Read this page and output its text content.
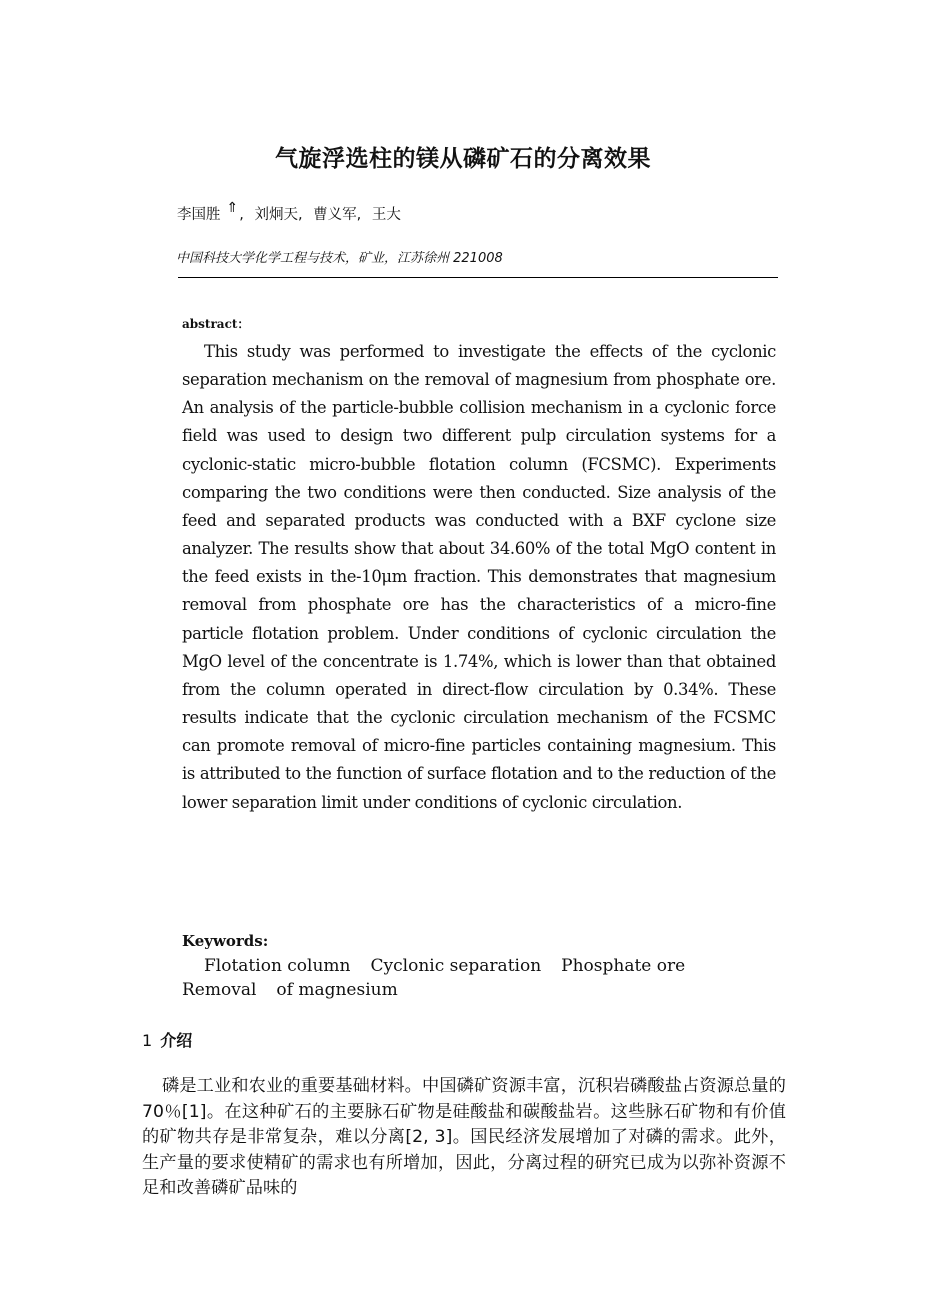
气旋浮选柱的镁从磷矿石的分离效果
李国胜 ⇑, 刘炯天, 曹义军, 王大
中国科技大学化学工程与技术，矿业，江苏徐州 221008
abstract：

This study was performed to investigate the effects of the cyclonic separation mechanism on the removal of magnesium from phosphate ore. An analysis of the particle-bubble collision mechanism in a cyclonic force field was used to design two different pulp circulation systems for a cyclonic-static micro-bubble flotation column (FCSMC). Experiments comparing the two conditions were then conducted. Size analysis of the feed and separated products was conducted with a BXF cyclone size analyzer. The results show that about 34.60% of the total MgO content in the feed exists in the-10μm fraction. This demonstrates that magnesium removal from phosphate ore has the characteristics of a micro-fine particle flotation problem. Under conditions of cyclonic circulation the MgO level of the concentrate is 1.74%, which is lower than that obtained from the column operated in direct-flow circulation by 0.34%. These results indicate that the cyclonic circulation mechanism of the FCSMC can promote removal of micro-fine particles containing magnesium. This is attributed to the function of surface flotation and to the reduction of the lower separation limit under conditions of cyclonic circulation.

Keywords:
Flotation column Cyclonic separation Phosphate ore
Removal of magnesium
1 介绍

磷是工业和农业的重要基础材料。中国磷矿资源丰富，沉积岩磷酸盐占资源总量的70％[1]。在这种矿石的主要脉石矿物是硅酸盐和碳酸盐岩。这些脉石矿物和有价值的矿物共存是非常复杂，难以分离[2, 3]。国民经济发展增加了对磷的需求。此外，生产量的要求使精矿的需求也有所增加，因此，分离过程的研究已成为以弥补资源不足和改善磷矿品味的
